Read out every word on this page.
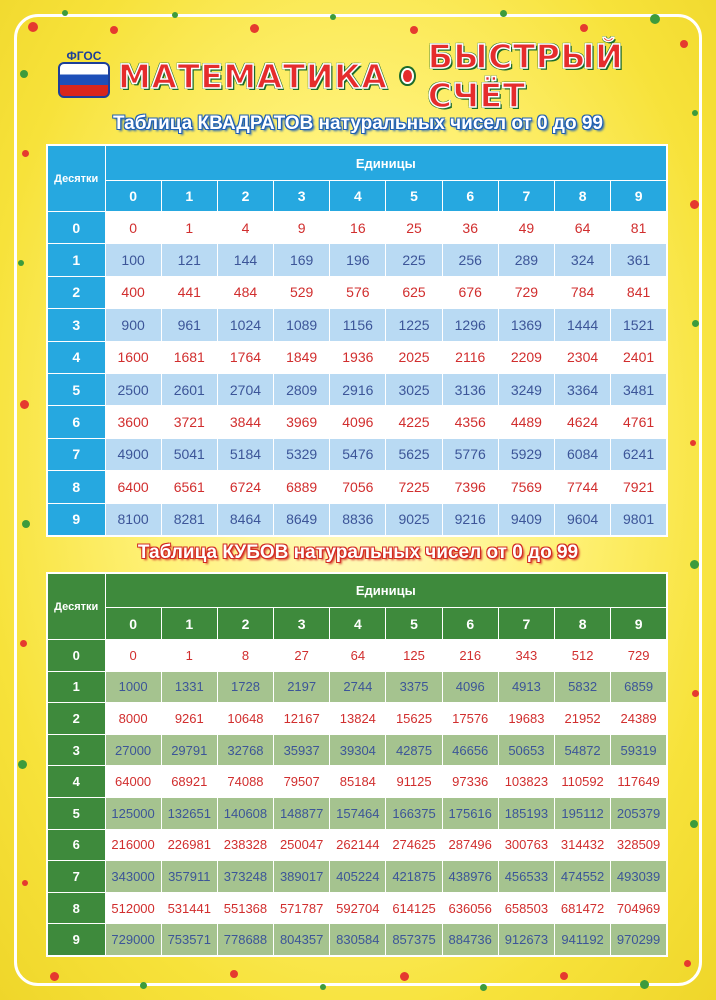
ФГОС
МАТЕМАТИКА БЫСТРЫЙ СЧЁТ
Таблица КВАДРАТОВ натуральных чисел от 0 до 99
Десятки	Единицы									
	0	1	2	3	4	5	6	7	8	9
0	0	1	4	9	16	25	36	49	64	81
1	100	121	144	169	196	225	256	289	324	361
2	400	441	484	529	576	625	676	729	784	841
3	900	961	1024	1089	1156	1225	1296	1369	1444	1521
4	1600	1681	1764	1849	1936	2025	2116	2209	2304	2401
5	2500	2601	2704	2809	2916	3025	3136	3249	3364	3481
6	3600	3721	3844	3969	4096	4225	4356	4489	4624	4761
7	4900	5041	5184	5329	5476	5625	5776	5929	6084	6241
8	6400	6561	6724	6889	7056	7225	7396	7569	7744	7921
9	8100	8281	8464	8649	8836	9025	9216	9409	9604	9801
Таблица КУБОВ натуральных чисел от 0 до 99
Десятки	Единицы									
	0	1	2	3	4	5	6	7	8	9
0	0	1	8	27	64	125	216	343	512	729
1	1000	1331	1728	2197	2744	3375	4096	4913	5832	6859
2	8000	9261	10648	12167	13824	15625	17576	19683	21952	24389
3	27000	29791	32768	35937	39304	42875	46656	50653	54872	59319
4	64000	68921	74088	79507	85184	91125	97336	103823	110592	117649
5	125000	132651	140608	148877	157464	166375	175616	185193	195112	205379
6	216000	226981	238328	250047	262144	274625	287496	300763	314432	328509
7	343000	357911	373248	389017	405224	421875	438976	456533	474552	493039
8	512000	531441	551368	571787	592704	614125	636056	658503	681472	704969
9	729000	753571	778688	804357	830584	857375	884736	912673	941192	970299
